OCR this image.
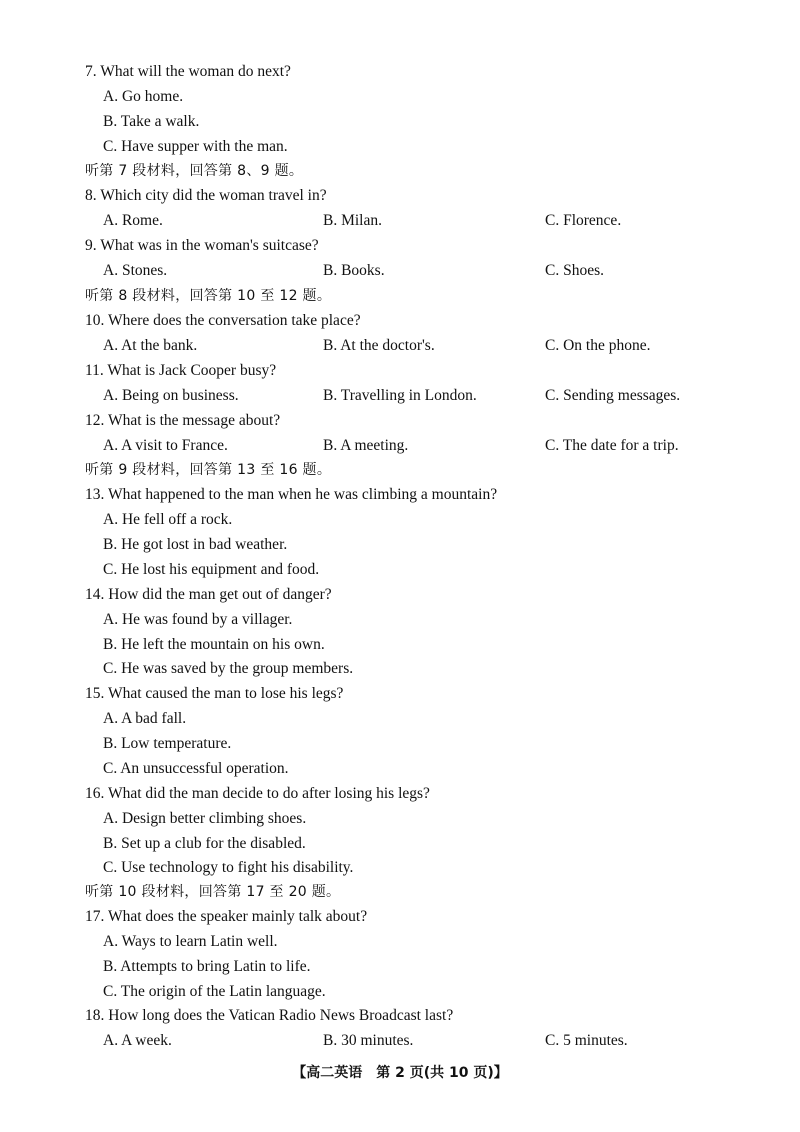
7. What will the woman do next?
A. Go home.
B. Take a walk.
C. Have supper with the man.
听第 7 段材料，回答第 8、9 题。
8. Which city did the woman travel in?
A. Rome.	B. Milan.	C. Florence.
9. What was in the woman's suitcase?
A. Stones.	B. Books.	C. Shoes.
听第 8 段材料，回答第 10 至 12 题。
10. Where does the conversation take place?
A. At the bank.	B. At the doctor's.	C. On the phone.
11. What is Jack Cooper busy?
A. Being on business.	B. Travelling in London.	C. Sending messages.
12. What is the message about?
A. A visit to France.	B. A meeting.	C. The date for a trip.
听第 9 段材料，回答第 13 至 16 题。
13. What happened to the man when he was climbing a mountain?
A. He fell off a rock.
B. He got lost in bad weather.
C. He lost his equipment and food.
14. How did the man get out of danger?
A. He was found by a villager.
B. He left the mountain on his own.
C. He was saved by the group members.
15. What caused the man to lose his legs?
A. A bad fall.
B. Low temperature.
C. An unsuccessful operation.
16. What did the man decide to do after losing his legs?
A. Design better climbing shoes.
B. Set up a club for the disabled.
C. Use technology to fight his disability.
听第 10 段材料，回答第 17 至 20 题。
17. What does the speaker mainly talk about?
A. Ways to learn Latin well.
B. Attempts to bring Latin to life.
C. The origin of the Latin language.
18. How long does the Vatican Radio News Broadcast last?
A. A week.	B. 30 minutes.	C. 5 minutes.
【高二英语　第 2 页(共 10 页)】
